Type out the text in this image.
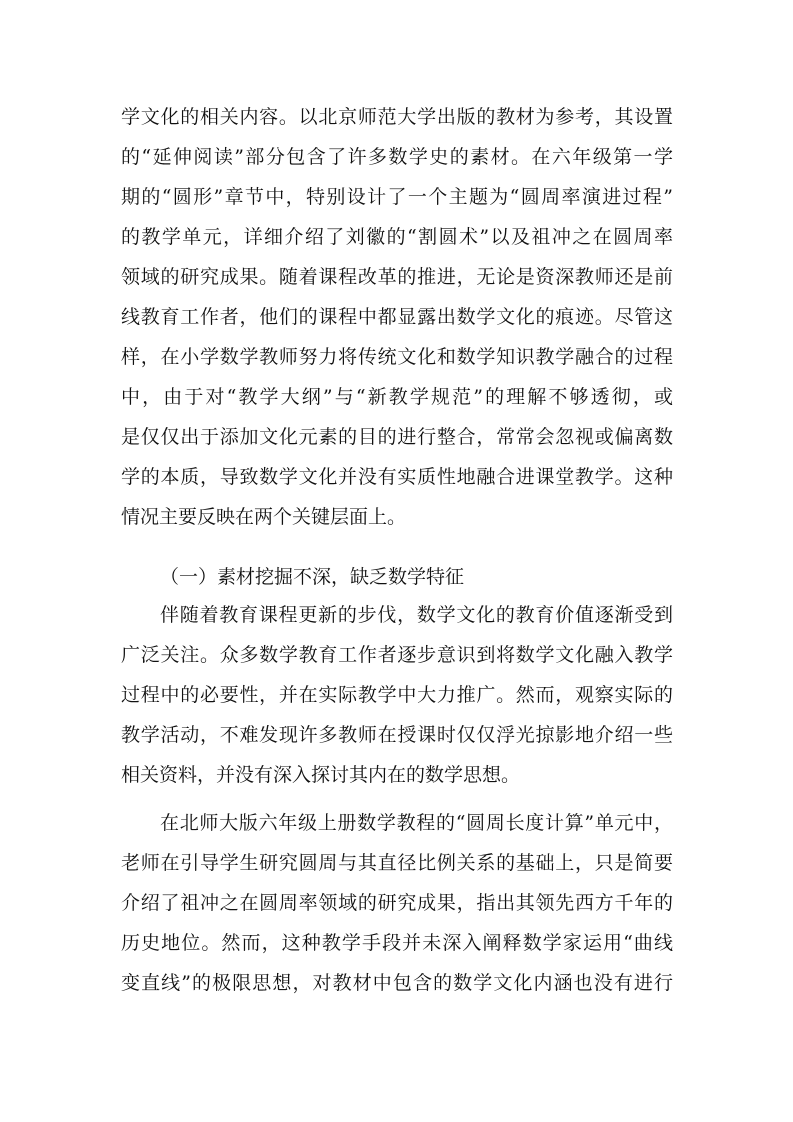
学文化的相关内容。以北京师范大学出版的教材为参考，其设置
的“延伸阅读”部分包含了许多数学史的素材。在六年级第一学
期的“圆形”章节中，特别设计了一个主题为“圆周率演进过程”
的教学单元，详细介绍了刘徽的“割圆术”以及祖冲之在圆周率
领域的研究成果。随着课程改革的推进，无论是资深教师还是前
线教育工作者，他们的课程中都显露出数学文化的痕迹。尽管这
样，在小学数学教师努力将传统文化和数学知识教学融合的过程
中，由于对“教学大纲”与“新教学规范”的理解不够透彻，或
是仅仅出于添加文化元素的目的进行整合，常常会忽视或偏离数
学的本质，导致数学文化并没有实质性地融合进课堂教学。这种
情况主要反映在两个关键层面上。
（一）素材挖掘不深，缺乏数学特征
伴随着教育课程更新的步伐，数学文化的教育价值逐渐受到
广泛关注。众多数学教育工作者逐步意识到将数学文化融入教学
过程中的必要性，并在实际教学中大力推广。然而，观察实际的
教学活动，不难发现许多教师在授课时仅仅浮光掠影地介绍一些
相关资料，并没有深入探讨其内在的数学思想。
在北师大版六年级上册数学教程的“圆周长度计算”单元中，
老师在引导学生研究圆周与其直径比例关系的基础上，只是简要
介绍了祖冲之在圆周率领域的研究成果，指出其领先西方千年的
历史地位。然而，这种教学手段并未深入阐释数学家运用“曲线
变直线”的极限思想，对教材中包含的数学文化内涵也没有进行
